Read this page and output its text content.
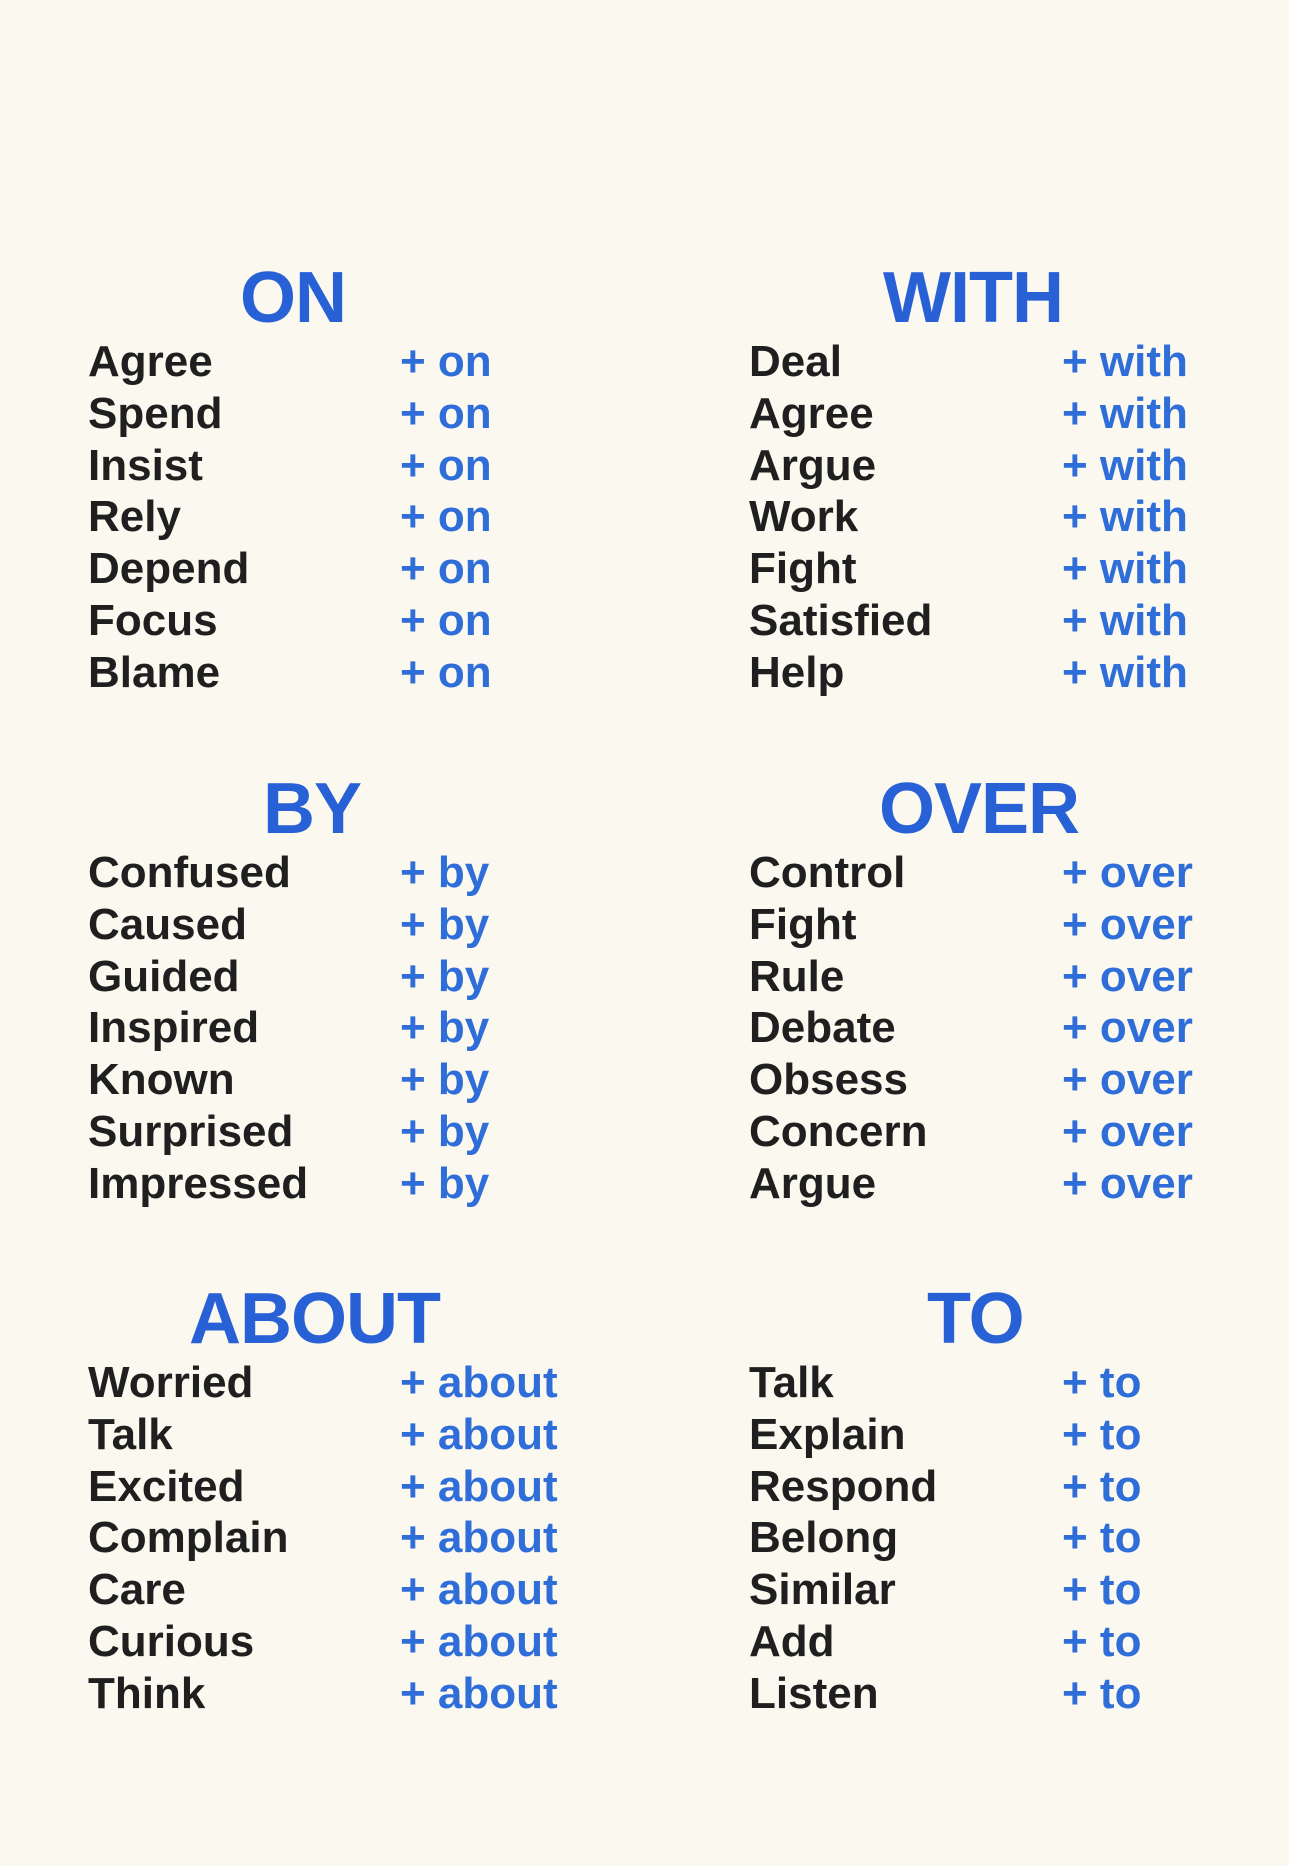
ON
Agree	+ on
Spend	+ on
Insist	+ on
Rely	+ on
Depend	+ on
Focus	+ on
Blame	+ on
WITH
Deal	+ with
Agree	+ with
Argue	+ with
Work	+ with
Fight	+ with
Satisfied	+ with
Help	+ with
BY
Confused + by
Caused	+ by
Guided	+ by
Inspired	+ by
Known	+ by
Surprised + by
Impressed + by
OVER
Control	+ over
Fight	+ over
Rule	+ over
Debate	+ over
Obsess	+ over
Concern	+ over
Argue	+ over
ABOUT
Worried	+ about
Talk	+ about
Excited	+ about
Complain	+ about
Care	+ about
Curious	+ about
Think	+ about
TO
Talk	+ to
Explain	+ to
Respond	+ to
Belong	+ to
Similar	+ to
Add	+ to
Listen	+ to
